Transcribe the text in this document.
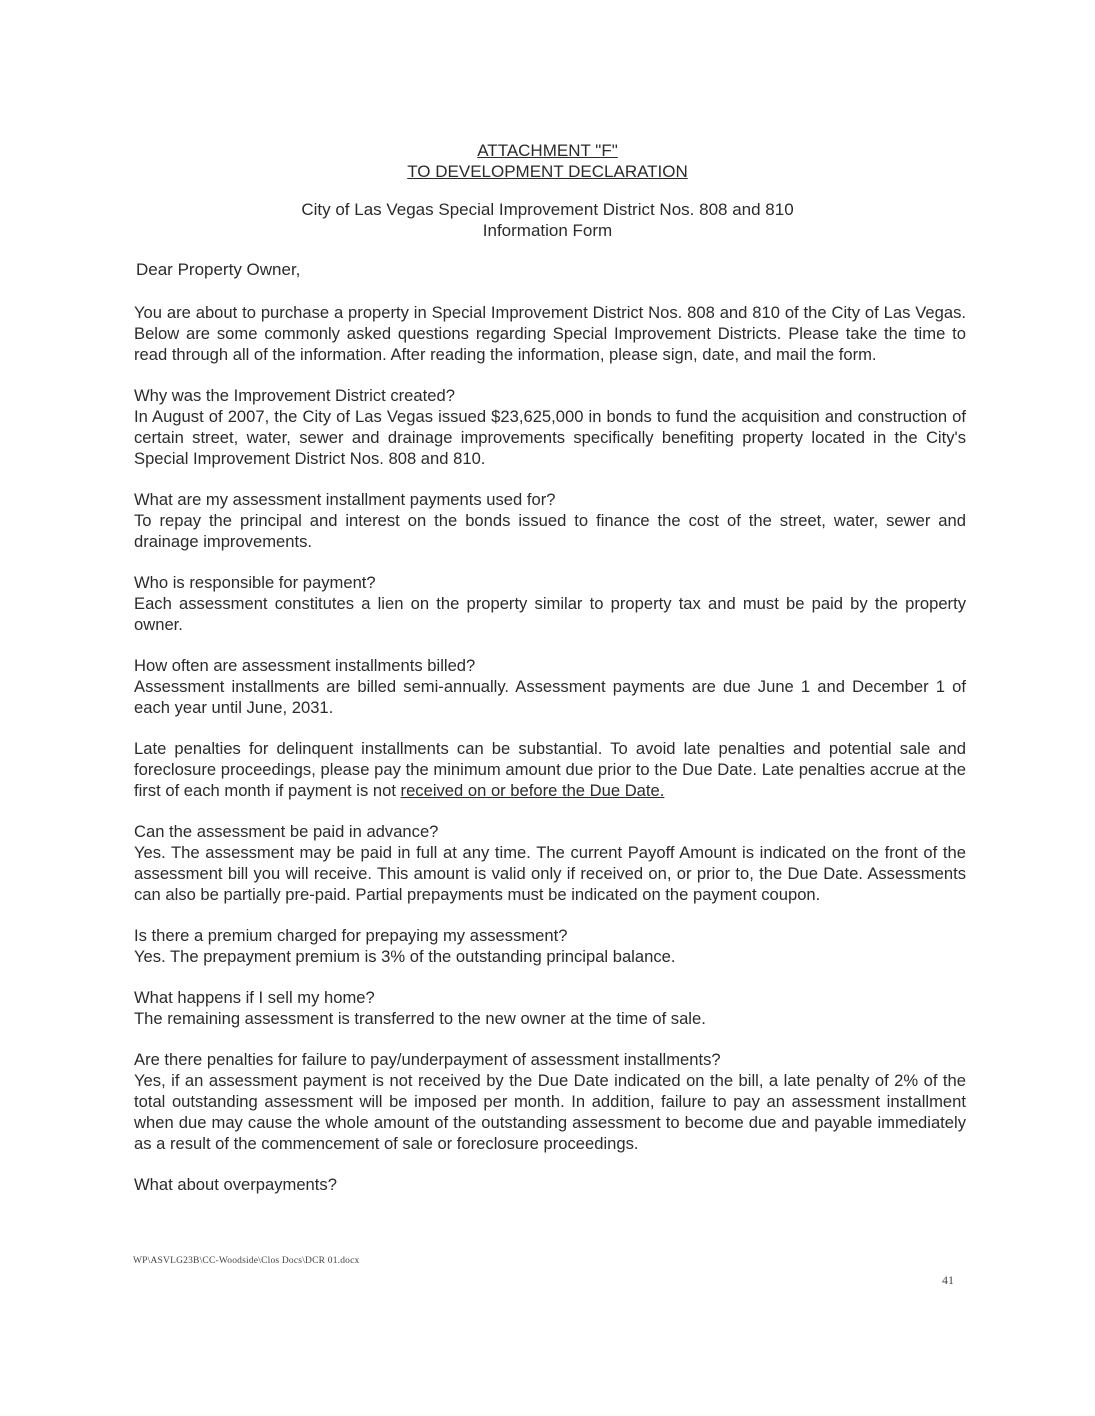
ATTACHMENT "F"
TO DEVELOPMENT DECLARATION
City of Las Vegas Special Improvement District Nos. 808 and 810
Information Form
Dear Property Owner,

You are about to purchase a property in Special Improvement District Nos. 808 and 810 of the City of Las Vegas. Below are some commonly asked questions regarding Special Improvement Districts. Please take the time to read through all of the information. After reading the information, please sign, date, and mail the form.

Why was the Improvement District created?
In August of 2007, the City of Las Vegas issued $23,625,000 in bonds to fund the acquisition and construction of certain street, water, sewer and drainage improvements specifically benefiting property located in the City's Special Improvement District Nos. 808 and 810.
What are my assessment installment payments used for?
To repay the principal and interest on the bonds issued to finance the cost of the street, water, sewer and drainage improvements.
Who is responsible for payment?
Each assessment constitutes a lien on the property similar to property tax and must be paid by the property owner.
How often are assessment installments billed?
Assessment installments are billed semi-annually. Assessment payments are due June 1 and December 1 of each year until June, 2031.

Late penalties for delinquent installments can be substantial. To avoid late penalties and potential sale and foreclosure proceedings, please pay the minimum amount due prior to the Due Date. Late penalties accrue at the first of each month if payment is not received on or before the Due Date.

Can the assessment be paid in advance?
Yes. The assessment may be paid in full at any time. The current Payoff Amount is indicated on the front of the assessment bill you will receive. This amount is valid only if received on, or prior to, the Due Date. Assessments can also be partially pre-paid. Partial prepayments must be indicated on the payment coupon.
Is there a premium charged for prepaying my assessment?
Yes. The prepayment premium is 3% of the outstanding principal balance.
What happens if I sell my home?
The remaining assessment is transferred to the new owner at the time of sale.
Are there penalties for failure to pay/underpayment of assessment installments?
Yes, if an assessment payment is not received by the Due Date indicated on the bill, a late penalty of 2% of the total outstanding assessment will be imposed per month. In addition, failure to pay an assessment installment when due may cause the whole amount of the outstanding assessment to become due and payable immediately as a result of the commencement of sale or foreclosure proceedings.
What about overpayments?
WP\ASVLG23B\CC-Woodside\Clos Docs\DCR 01.docx
41
